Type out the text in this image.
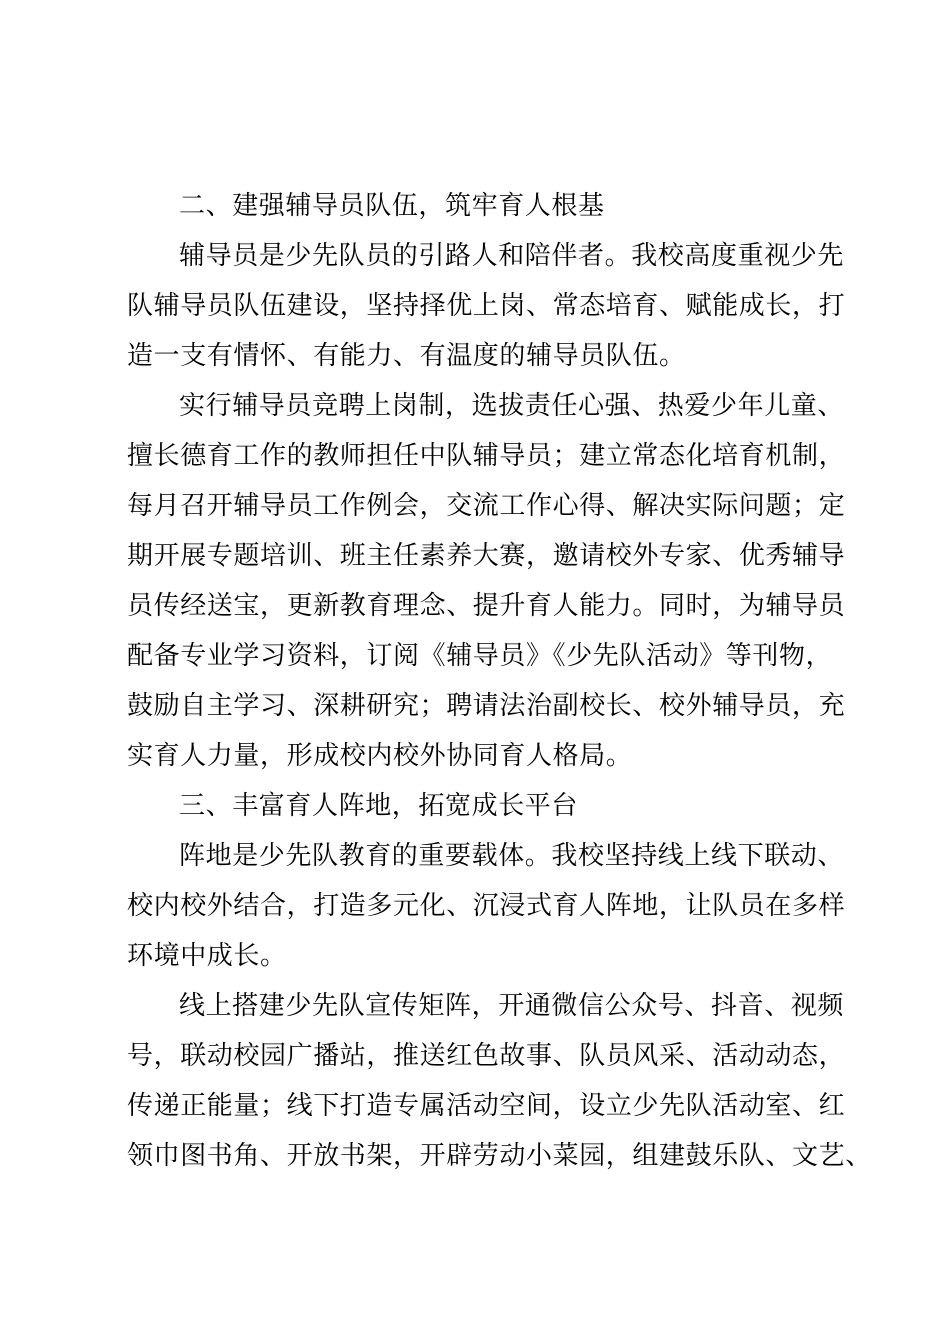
二、建强辅导员队伍，筑牢育人根基
辅导员是少先队员的引路人和陪伴者。我校高度重视少先
队辅导员队伍建设，坚持择优上岗、常态培育、赋能成长，打
造一支有情怀、有能力、有温度的辅导员队伍。
实行辅导员竞聘上岗制，选拔责任心强、热爱少年儿童、
擅长德育工作的教师担任中队辅导员；建立常态化培育机制，
每月召开辅导员工作例会，交流工作心得、解决实际问题；定
期开展专题培训、班主任素养大赛，邀请校外专家、优秀辅导
员传经送宝，更新教育理念、提升育人能力。同时，为辅导员
配备专业学习资料，订阅《辅导员》《少先队活动》等刊物，
鼓励自主学习、深耕研究；聘请法治副校长、校外辅导员，充
实育人力量，形成校内校外协同育人格局。
三、丰富育人阵地，拓宽成长平台
阵地是少先队教育的重要载体。我校坚持线上线下联动、
校内校外结合，打造多元化、沉浸式育人阵地，让队员在多样
环境中成长。
线上搭建少先队宣传矩阵，开通微信公众号、抖音、视频
号，联动校园广播站，推送红色故事、队员风采、活动动态，
传递正能量；线下打造专属活动空间，设立少先队活动室、红
领巾图书角、开放书架，开辟劳动小菜园，组建鼓乐队、文艺、
